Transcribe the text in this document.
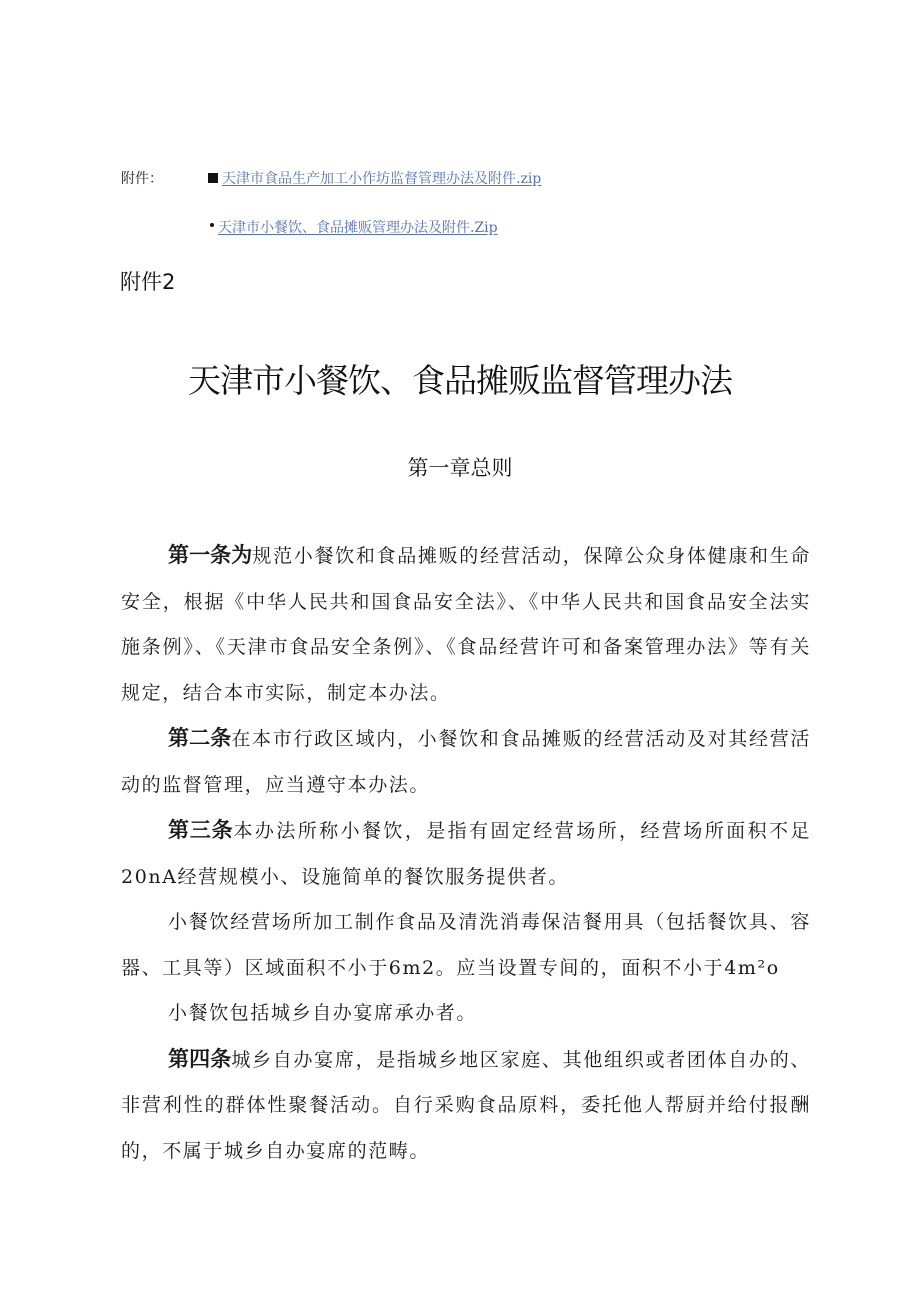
附件：	天津市食品生产加工小作坊监督管理办法及附件.zip
天津市小餐饮、食品摊贩管理办法及附件.Zip
附件2
天津市小餐饮、食品摊贩监督管理办法
第一章总则

第一条为规范小餐饮和食品摊贩的经营活动，保障公众身体健康和生命安全，根据《中华人民共和国食品安全法》、《中华人民共和国食品安全法实施条例》、《天津市食品安全条例》、《食品经营许可和备案管理办法》等有关规定，结合本市实际，制定本办法。

第二条在本市行政区域内，小餐饮和食品摊贩的经营活动及对其经营活动的监督管理，应当遵守本办法。

第三条本办法所称小餐饮，是指有固定经营场所，经营场所面积不足20nA经营规模小、设施简单的餐饮服务提供者。

小餐饮经营场所加工制作食品及清洗消毒保洁餐用具（包括餐饮具、容器、工具等）区域面积不小于6m2。应当设置专间的，面积不小于4m²o

小餐饮包括城乡自办宴席承办者。

第四条城乡自办宴席，是指城乡地区家庭、其他组织或者团体自办的、非营利性的群体性聚餐活动。自行采购食品原料，委托他人帮厨并给付报酬的，不属于城乡自办宴席的范畴。
